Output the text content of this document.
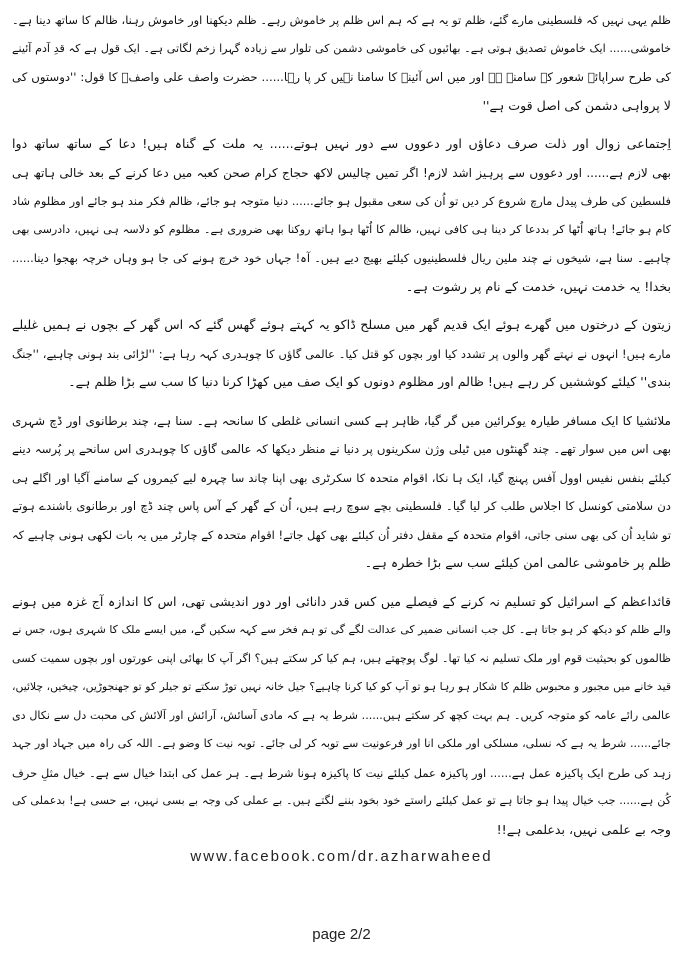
ظلم یہی نہیں کہ فلسطینی مارے گئے، ظلم تو یہ ہے کہ ہم اس ظلم پر خاموش رہے۔ ظلم دیکھنا اور خاموش رہنا، ظالم کا ساتھ دینا ہے۔
خاموشی...... ایک خاموش تصدیق ہوتی ہے۔ بھائیوں کی خاموشی دشمن کی تلوار سے زیادہ گہرا زخم لگاتی ہے۔ ایک قول ہے کہ قدِ آدم آئینے
کی طرح سراپائے شعور کے سامنے ہے اور میں اس آئینے کا سامنا نہیں کر پا رہا...... حضرت واصف علی واصفؒ کا قول: ''دوستوں کی
لا پرواہی دشمن کی اصل قوت ہے''
اِجتماعی زوال اور ذلت صرف دعاؤں اور دعووں سے دور نہیں ہوتے...... یہ ملت کے گناہ ہیں! دعا کے ساتھ ساتھ دوا
بھی لازم ہے...... اور دعووں سے پرہیز اشد لازم! اگر تمیں چالیس لاکھ حجاج کرام صحن کعبہ میں دعا کرنے کے بعد خالی ہاتھ ہی
فلسطین کی طرف پیدل مارچ شروع کر دیں تو اُن کی سعی مقبول ہو جائے...... دنیا متوجہ ہو جائے، ظالم فکر مند ہو جائے اور مظلوم شاد
کام ہو جائے! ہاتھ اُٹھا کر بددعا کر دینا ہی کافی نہیں، ظالم کا اُٹھا ہوا ہاتھ روکنا بھی ضروری ہے۔ مظلوم کو دلاسہ ہی نہیں، دادرسی بھی
چاہیے۔ سنا ہے، شیخوں نے چند ملین ریال فلسطینیوں کیلئے بھیج دیے ہیں۔ آہ! جہاں خود خرچ ہونے کی جا ہو وہاں خرچہ بھجوا دینا......
بخدا! یہ خدمت نہیں، خدمت کے نام پر رشوت ہے۔
زیتون کے درختوں میں گھرے ہوئے ایک قدیم گھر میں مسلح ڈاکو یہ کہتے ہوئے گھس گئے کہ اس گھر کے بچوں نے ہمیں غلیلے
مارے ہیں! انہوں نے نہتے گھر والوں پر تشدد کیا اور بچوں کو قتل کیا۔ عالمی گاؤں کا چوہدری کہہ رہا ہے: ''لڑائی بند ہونی چاہیے، ''جنگ
بندی'' کیلئے کوششیں کر رہے ہیں! ظالم اور مظلوم دونوں کو ایک صف میں کھڑا کرنا دنیا کا سب سے بڑا ظلم ہے۔
ملائشیا کا ایک مسافر طیارہ یوکرائین میں گر گیا، ظاہر ہے کسی انسانی غلطی کا سانحہ ہے۔ سنا ہے، چند برطانوی اور ڈچ شہری
بھی اس میں سوار تھے۔ چند گھنٹوں میں ٹیلی وژن سکرینوں پر دنیا نے منظر دیکھا کہ عالمی گاؤں کا چوہدری اس سانحے پر پُرسہ دینے
کیلئے بنفس نفیس اوول آفس پہنچ گیا، ایک ہا نکا، اقوام متحدہ کا سکرٹری بھی اپنا چاند سا چہرہ لیے کیمروں کے سامنے آگیا اور اگلے ہی
دن سلامتی کونسل کا اجلاس طلب کر لیا گیا۔ فلسطینی بچے سوچ رہے ہیں، اُن کے گھر کے آس پاس چند ڈچ اور برطانوی باشندے ہوتے
تو شاید اُن کی بھی سنی جاتی، اقوام متحدہ کے مقفل دفتر اُن کیلئے بھی کھل جاتے! اقوام متحدہ کے چارٹر میں یہ بات لکھی ہونی چاہیے کہ
ظلم پر خاموشی عالمی امن کیلئے سب سے بڑا خطرہ ہے۔
قائداعظم کے اسرائیل کو تسلیم نہ کرنے کے فیصلے میں کس قدر دانائی اور دور اندیشی تھی، اس کا اندازہ آج غزہ میں ہونے
والے ظلم کو دیکھ کر ہو جاتا ہے۔ کل جب انسانی ضمیر کی عدالت لگے گی تو ہم فخر سے کہہ سکیں گے، میں ایسے ملک کا شہری ہوں، جس نے
ظالموں کو بحیثیت قوم اور ملک تسلیم نہ کیا تھا۔ لوگ پوچھتے ہیں، ہم کیا کر سکتے ہیں؟ اگر آپ کا بھائی اپنی عورتوں اور بچوں سمیت کسی
قید خانے میں مجبور و محبوس ظلم کا شکار ہو رہا ہو تو آپ کو کیا کرنا چاہیے؟ جیل خانہ نہیں توڑ سکتے تو جیلر کو تو جھنجوڑیں، چیخیں، چلائیں،
عالمی رائے عامہ کو متوجہ کریں۔ ہم بہت کچھ کر سکتے ہیں...... شرط یہ ہے کہ مادی آسائش، آرائش اور آلائش کی محبت دل سے نکال دی
جائے...... شرط یہ ہے کہ نسلی، مسلکی اور ملکی انا اور فرعونیت سے توبہ کر لی جائے۔ توبہ نیت کا وضو ہے۔ اللہ کی راہ میں جہاد اور جہد
زہد کی طرح ایک پاکیزہ عمل ہے...... اور پاکیزہ عمل کیلئے نیت کا پاکیزہ ہونا شرط ہے۔ ہر عمل کی ابتدا خیال سے ہے۔ خیال مثلِ حرف
کُن ہے...... جب خیال پیدا ہو جاتا ہے تو عمل کیلئے راستے خود بخود بننے لگتے ہیں۔ بے عملی کی وجہ بے بسی نہیں، بے حسی ہے! بدعملی کی
وجہ بے علمی نہیں، بدعلمی ہے!!
www.facebook.com/dr.azharwaheed
page 2/2
